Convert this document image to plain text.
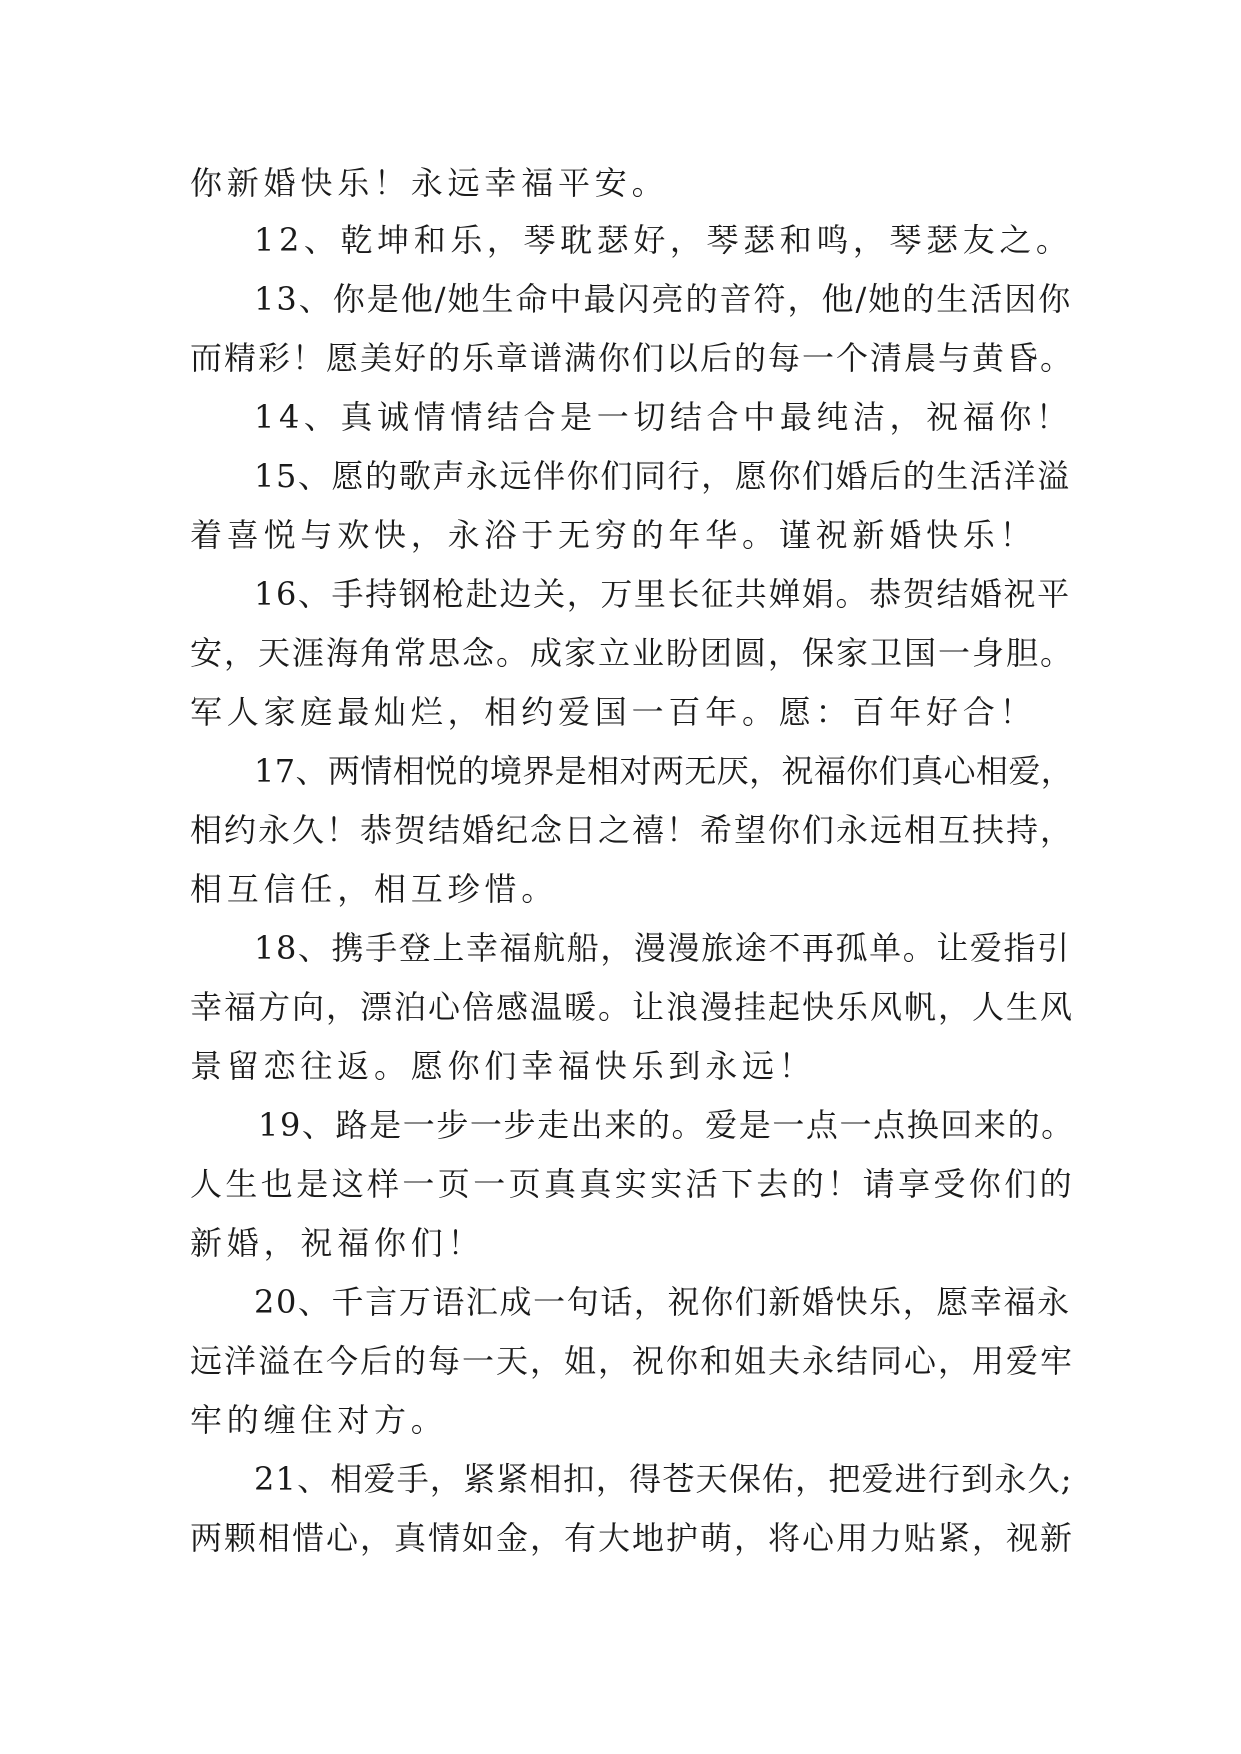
你新婚快乐！永远幸福平安。
12、乾坤和乐，琴耽瑟好，琴瑟和鸣，琴瑟友之。
13、你是他/她生命中最闪亮的音符，他/她的生活因你
而精彩！愿美好的乐章谱满你们以后的每一个清晨与黄昏。
14、真诚情情结合是一切结合中最纯洁，祝福你！
15、愿的歌声永远伴你们同行，愿你们婚后的生活洋溢
着喜悦与欢快，永浴于无穷的年华。谨祝新婚快乐！
16、手持钢枪赴边关，万里长征共婵娟。恭贺结婚祝平
安，天涯海角常思念。成家立业盼团圆，保家卫国一身胆。
军人家庭最灿烂，相约爱国一百年。愿：百年好合！
17、两情相悦的境界是相对两无厌，祝福你们真心相爱，
相约永久！恭贺结婚纪念日之禧！希望你们永远相互扶持，
相互信任，相互珍惜。
18、携手登上幸福航船，漫漫旅途不再孤单。让爱指引
幸福方向，漂泊心倍感温暖。让浪漫挂起快乐风帆，人生风
景留恋往返。愿你们幸福快乐到永远！
19、路是一步一步走出来的。爱是一点一点换回来的。
人生也是这样一页一页真真实实活下去的！请享受你们的
新婚，祝福你们！
20、千言万语汇成一句话，祝你们新婚快乐，愿幸福永
远洋溢在今后的每一天，姐，祝你和姐夫永结同心，用爱牢
牢的缠住对方。
21、相爱手，紧紧相扣，得苍天保佑，把爱进行到永久;
两颗相惜心，真情如金，有大地护萌，将心用力贴紧，视新
